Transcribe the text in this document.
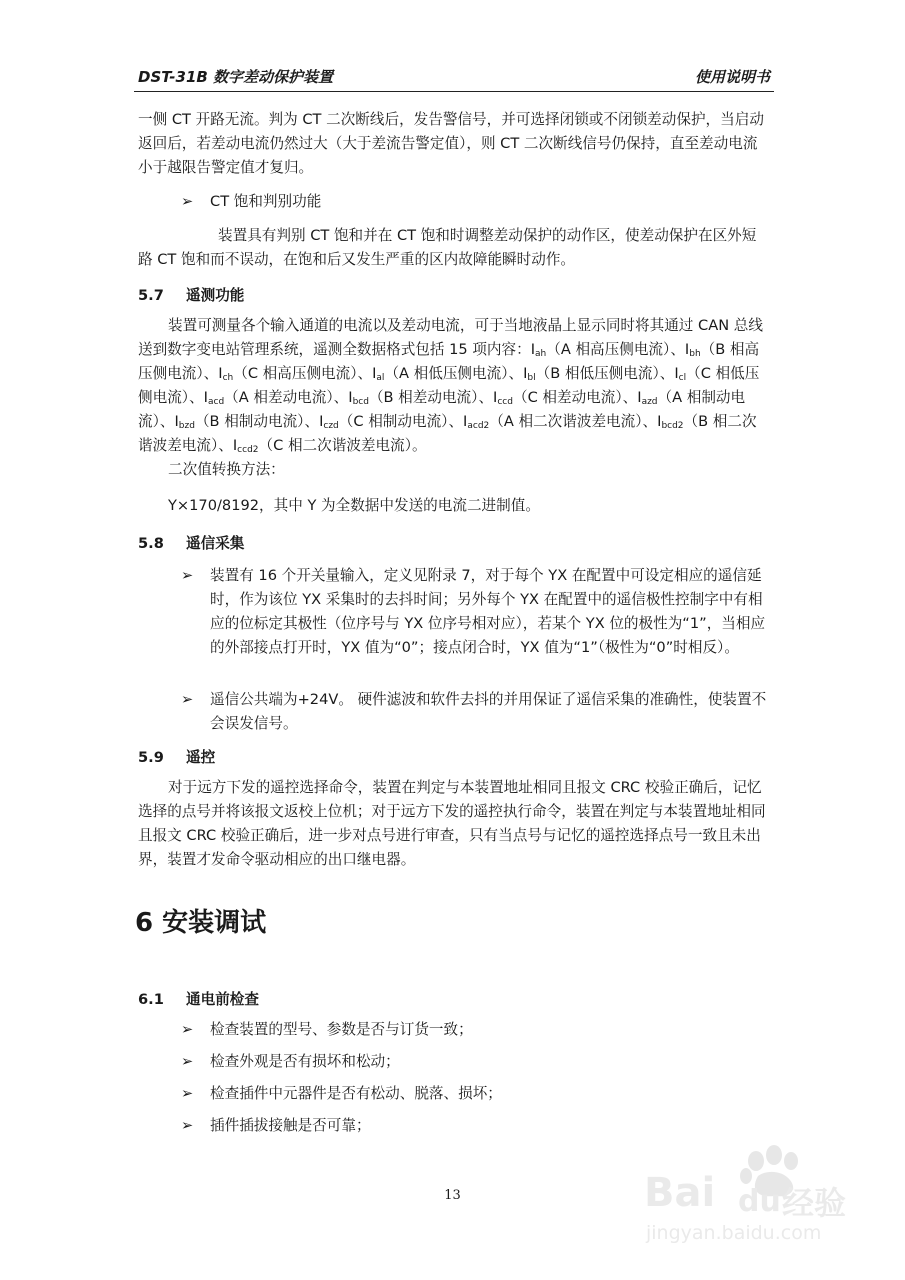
DST-31B 数字差动保护装置	使用说明书

一侧 CT 开路无流。判为 CT 二次断线后，发告警信号，并可选择闭锁或不闭锁差动保护，当启动返回后，若差动电流仍然过大（大于差流告警定值），则 CT 二次断线信号仍保持，直至差动电流小于越限告警定值才复归。

➢ CT 饱和判别功能

装置具有判别 CT 饱和并在 CT 饱和时调整差动保护的动作区，使差动保护在区外短路 CT 饱和而不误动，在饱和后又发生严重的区内故障能瞬时动作。

5.7 遥测功能

装置可测量各个输入通道的电流以及差动电流，可于当地液晶上显示同时将其通过 CAN 总线送到数字变电站管理系统，遥测全数据格式包括 15 项内容：$I_{ah}(A$ 相高压侧电流）、$I_{bh}(B$ 相高压侧电流）、$I_{ch}(C$ 相高压侧电流）、$I_{al}(A$ 相低压侧电流）、$I_{bl}(B$ 相低压侧电流）、$I_{cl}(C$ 相低压侧电流）、$I_{acd}(A$ 相差动电流）、$I_{bcd}(B$ 相差动电流）、$I_{ccd}(C$ 相差动电流）、$I_{azd}(A$ 相制动电流）、$I_{bzd}(B$ 相制动电流）、$I_{czd}(C$ 相制动电流）、$I_{acd2}(A$ 相二次谐波差电流）、$I_{bcd2}(B$ 相二次谐波差电流）、$I_{ccd2}(C$ 相二次谐波差电流）。

二次值转换方法：

Y×170/8192，其中 Y 为全数据中发送的电流二进制值。

5.8 遥信采集
➢ 装置有 16 个开关量输入，定义见附录 7，对于每个 YX 在配置中可设定相应的遥信延时，作为该位 YX 采集时的去抖时间；另外每个 YX 在配置中的遥信极性控制字中有相应的位标定其极性（位序号与 YX 位序号相对应），若某个 YX 位的极性为“1”，当相应的外部接点打开时，YX 值为“0”；接点闭合时，YX 值为“1”（极性为“0”时相反）。
➢ 遥信公共端为+24V。 硬件滤波和软件去抖的并用保证了遥信采集的准确性，使装置不会误发信号。
5.9 遥控

对于远方下发的遥控选择命令，装置在判定与本装置地址相同且报文 CRC 校验正确后，记忆选择的点号并将该报文返校上位机；对于远方下发的遥控执行命令，装置在判定与本装置地址相同且报文 CRC 校验正确后，进一步对点号进行审查，只有当点号与记忆的遥控选择点号一致且未出界，装置才发命令驱动相应的出口继电器。

6 安装调试
6.1 通电前检查
➢ 检查装置的型号、参数是否与订货一致；
➢ 检查外观是否有损坏和松动；
➢ 检查插件中元器件是否有松动、脱落、损坏；
➢ 插件插拔接触是否可靠；
13	Bai du 经验
jingyan.baidu.com
